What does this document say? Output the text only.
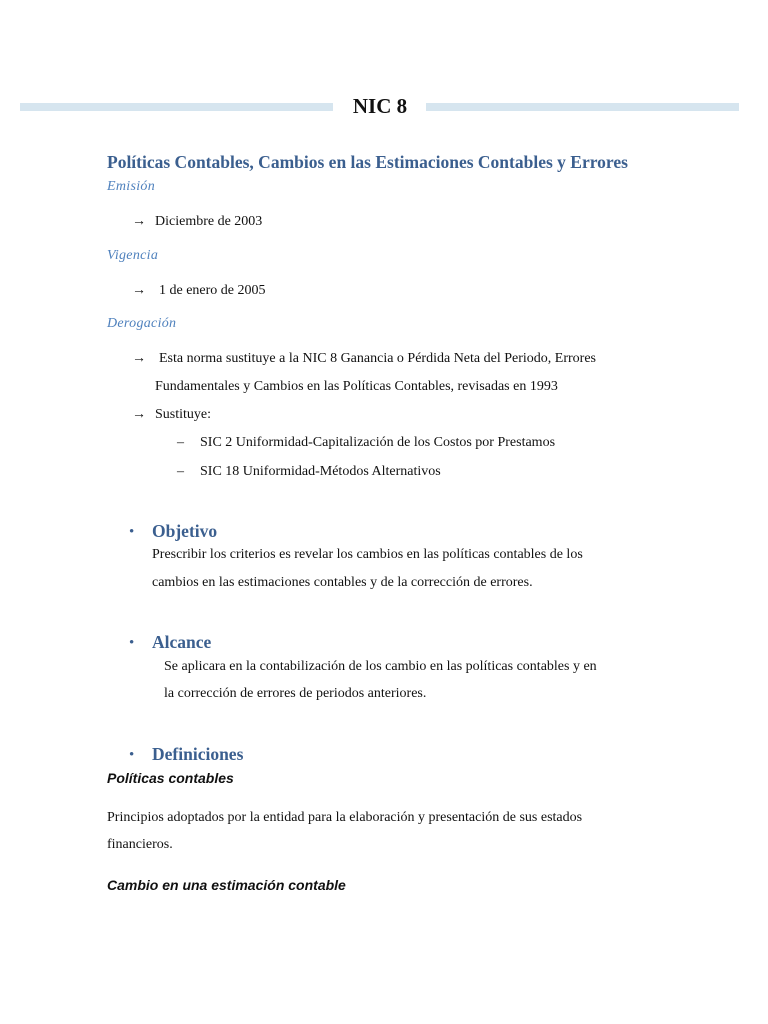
NIC 8
Políticas Contables, Cambios en las Estimaciones Contables y Errores
Emisión
→ Diciembre de 2003
Vigencia
→ 1 de enero de 2005
Derogación
→ Esta norma sustituye a la NIC 8 Ganancia o Pérdida Neta del Periodo, Errores
Fundamentales y Cambios en las Políticas Contables, revisadas en 1993
→ Sustituye:
– SIC 2 Uniformidad-Capitalización de los Costos por Prestamos
– SIC 18 Uniformidad-Métodos Alternativos
• Objetivo
Prescribir los criterios es revelar los cambios en las políticas contables de los
cambios en las estimaciones contables y de la corrección de errores.
• Alcance
Se aplicara en la contabilización de los cambio en las políticas contables y en
la corrección de errores de periodos anteriores.
• Definiciones
Políticas contables
Principios adoptados por la entidad para la elaboración y presentación de sus estados
financieros.
Cambio en una estimación contable
